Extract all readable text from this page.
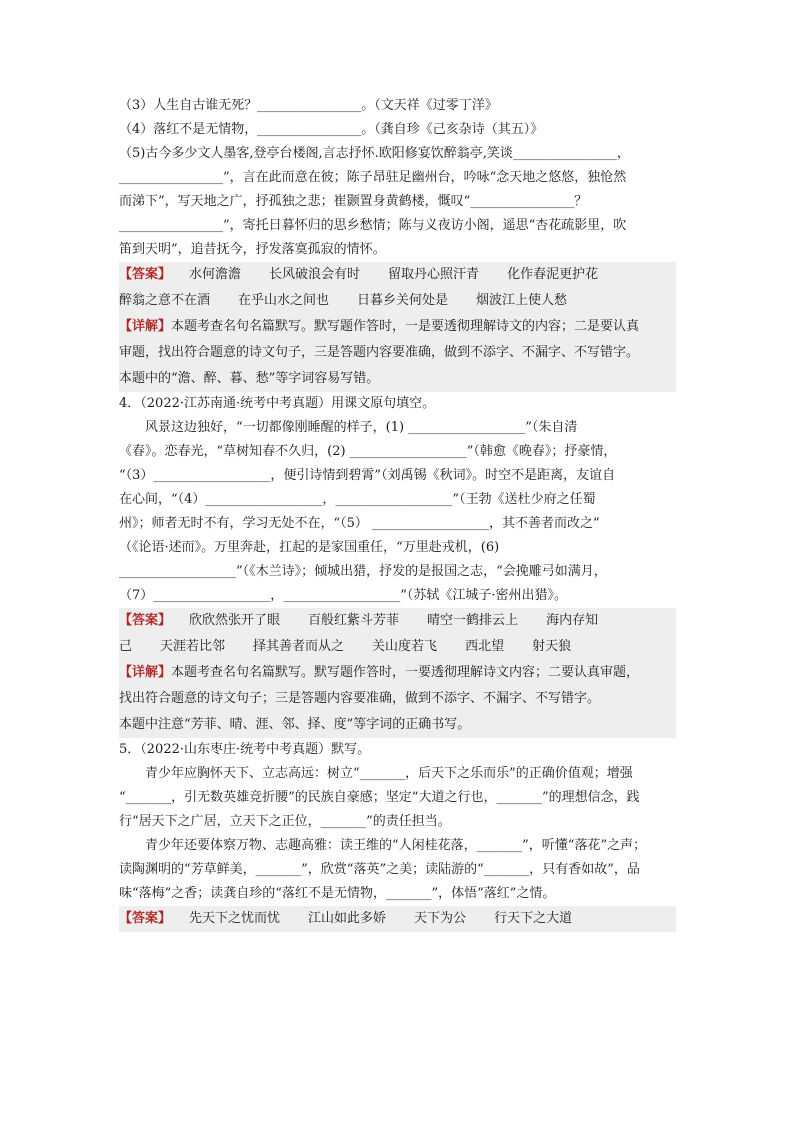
（3）人生自古谁无死？________________。（文天祥《过零丁洋》

（4）落红不是无情物，________________。（龚自珍《己亥杂诗（其五）》

（5)古今多少文人墨客,登亭台楼阁,言志抒怀.欧阳修宴饮醉翁亭,笑谈________________，

________________”，言在此而意在彼；陈子昂驻足幽州台，吟咏“念天地之悠悠，独怆然

而涕下”，写天地之广，抒孤独之悲；崔颢置身黄鹤楼，慨叹“________________？

________________”，寄托日暮怀归的思乡愁情；陈与义夜访小阁，遥思“杏花疏影里，吹

笛到天明”，追昔抚今，抒发落寞孤寂的情怀。

【答案】 水何澹澹 长风破浪会有时 留取丹心照汗青 化作春泥更护花

醉翁之意不在酒 在乎山水之间也 日暮乡关何处是 烟波江上使人愁

【详解】本题考查名句名篇默写。默写题作答时，一是要透彻理解诗文的内容；二是要认真

审题，找出符合题意的诗文句子，三是答题内容要准确，做到不添字、不漏字、不写错字。

本题中的“澹、醉、暮、愁”等字词容易写错。

4．（2022·江苏南通·统考中考真题）用课文原句填空。

风景这边独好，“一切都像刚睡醒的样子，(1) __________________”（朱自清

《春》。恋春光，“草树知春不久归，(2) __________________”（韩愈《晚春》；抒豪情，

“（3）__________________，便引诗情到碧霄”（刘禹锡《秋词》。时空不是距离，友谊自

在心间，“（4）__________________，__________________”（王勃《送杜少府之任蜀

州》；师者无时不有，学习无处不在，“（5） __________________，其不善者而改之”

（《论语·述而》。万里奔赴，扛起的是家国重任，“万里赴戎机，(6)

__________________”（《木兰诗》；倾城出猎，抒发的是报国之志，“会挽雕弓如满月，

（7）__________________，__________________”（苏轼《江城子·密州出猎》。

【答案】 欣欣然张开了眼 百般红紫斗芳菲 晴空一鹤排云上 海内存知

己 天涯若比邻 择其善者而从之 关山度若飞 西北望 射天狼

【详解】本题考查名句名篇默写。默写题作答时，一要透彻理解诗文内容；二要认真审题，

找出符合题意的诗文句子；三是答题内容要准确，做到不添字、不漏字、不写错字。

本题中注意“芳菲、晴、涯、邻、择、度”等字词的正确书写。

5．（2022·山东枣庄·统考中考真题）默写。

青少年应胸怀天下、立志高远：树立“_______，后天下之乐而乐”的正确价值观；增强

“_______，引无数英雄竞折腰”的民族自豪感；坚定“大道之行也，_______”的理想信念，践

行“居天下之广居，立天下之正位，_______”的责任担当。

青少年还要体察万物、志趣高雅：读王维的“人闲桂花落，_______”，听懂“落花”之声；

读陶渊明的“芳草鲜美，_______”，欣赏“落英”之美；读陆游的“_______，只有香如故”，品

味“落梅”之香；读龚自珍的“落红不是无情物，_______”，体悟“落红”之情。

【答案】 先天下之忧而忧 江山如此多娇 天下为公 行天下之大道
